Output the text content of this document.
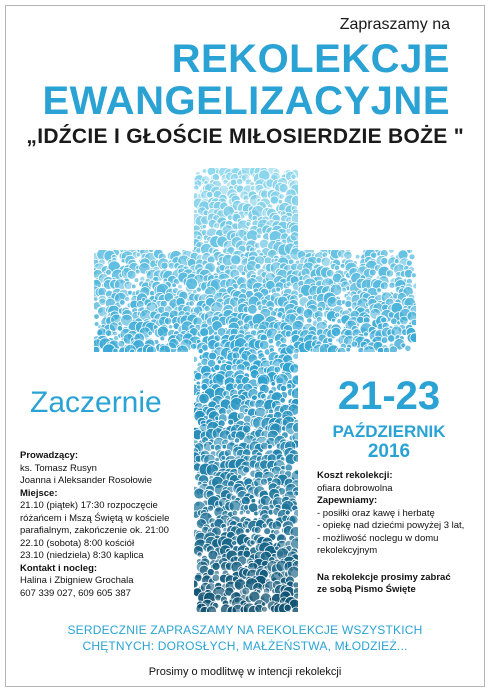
Zapraszamy na
REKOLEKCJE
EWANGELIZACYJNE
„IDŹCIE I GŁOŚCIE MIŁOSIERDZIE BOŻE "
Zaczernie	21-23
PAŹDZIERNIK
2016
Prowadzący:
ks. Tomasz Rusyn
Joanna i Aleksander Rosołowie
Miejsce:
21.10 (piątek) 17:30 rozpoczęcie
różańcem i Mszą Świętą w kościele
parafialnym, zakończenie ok. 21:00
22.10 (sobota) 8:00 kościół
23.10 (niedziela) 8:30 kaplica
Kontakt i nocleg:
Halina i Zbigniew Grochala
607 339 027, 609 605 387
Koszt rekolekcji:
ofiara dobrowolna
Zapewniamy:
- posiłki oraz kawę i herbatę
- opiekę nad dziećmi powyżej 3 lat,
- możliwość noclegu w domu
rekolekcyjnym
Na rekolekcje prosimy zabrać
ze sobą Pismo Święte
SERDECZNIE ZAPRASZAMY NA REKOLEKCJE WSZYSTKICH
CHĘTNYCH: DOROSŁYCH, MAŁŻEŃSTWA, MŁODZIEŻ...
Prosimy o modlitwę w intencji rekolekcji
